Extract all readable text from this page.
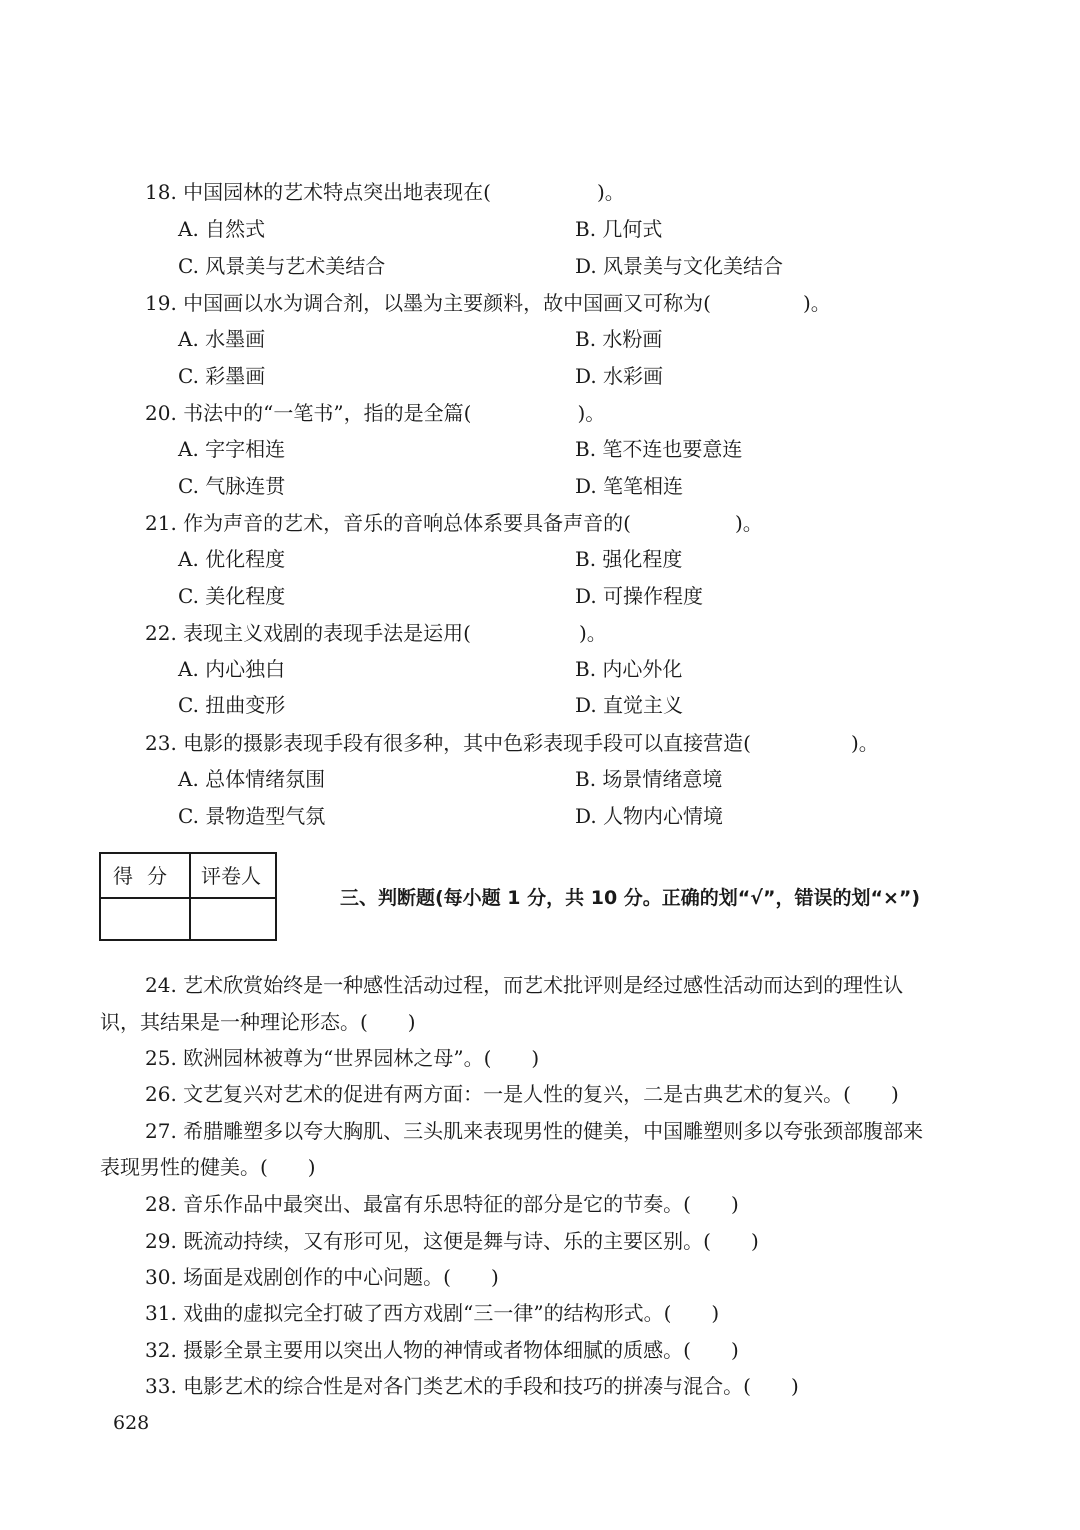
18. 中国园林的艺术特点突出地表现在(	)。
A. 自然式	B. 几何式
C. 风景美与艺术美结合	D. 风景美与文化美结合
19. 中国画以水为调合剂，以墨为主要颜料，故中国画又可称为(	)。
A. 水墨画	B. 水粉画
C. 彩墨画	D. 水彩画
20. 书法中的“一笔书”，指的是全篇(	)。
A. 字字相连	B. 笔不连也要意连
C. 气脉连贯	D. 笔笔相连
21. 作为声音的艺术，音乐的音响总体系要具备声音的(	)。
A. 优化程度	B. 强化程度
C. 美化程度	D. 可操作程度
22. 表现主义戏剧的表现手法是运用(	)。
A. 内心独白	B. 内心外化
C. 扭曲变形	D. 直觉主义
23. 电影的摄影表现手段有很多种，其中色彩表现手段可以直接营造(	)。
A. 总体情绪氛围	B. 场景情绪意境
C. 景物造型气氛	D. 人物内心情境
得分 评卷人
三、判断题(每小题 1 分，共 10 分。正确的划“√”，错误的划“×”)
24. 艺术欣赏始终是一种感性活动过程，而艺术批评则是经过感性活动而达到的理性认
识，其结果是一种理论形态。(　　)
25. 欧洲园林被尊为“世界园林之母”。(　　)
26. 文艺复兴对艺术的促进有两方面：一是人性的复兴，二是古典艺术的复兴。(　　)
27. 希腊雕塑多以夸大胸肌、三头肌来表现男性的健美，中国雕塑则多以夸张颈部腹部来
表现男性的健美。(　　)
28. 音乐作品中最突出、最富有乐思特征的部分是它的节奏。(　　)
29. 既流动持续，又有形可见，这便是舞与诗、乐的主要区别。(　　)
30. 场面是戏剧创作的中心问题。(　　)
31. 戏曲的虚拟完全打破了西方戏剧“三一律”的结构形式。(　　)
32. 摄影全景主要用以突出人物的神情或者物体细腻的质感。(　　)
33. 电影艺术的综合性是对各门类艺术的手段和技巧的拼凑与混合。(　　)
628
